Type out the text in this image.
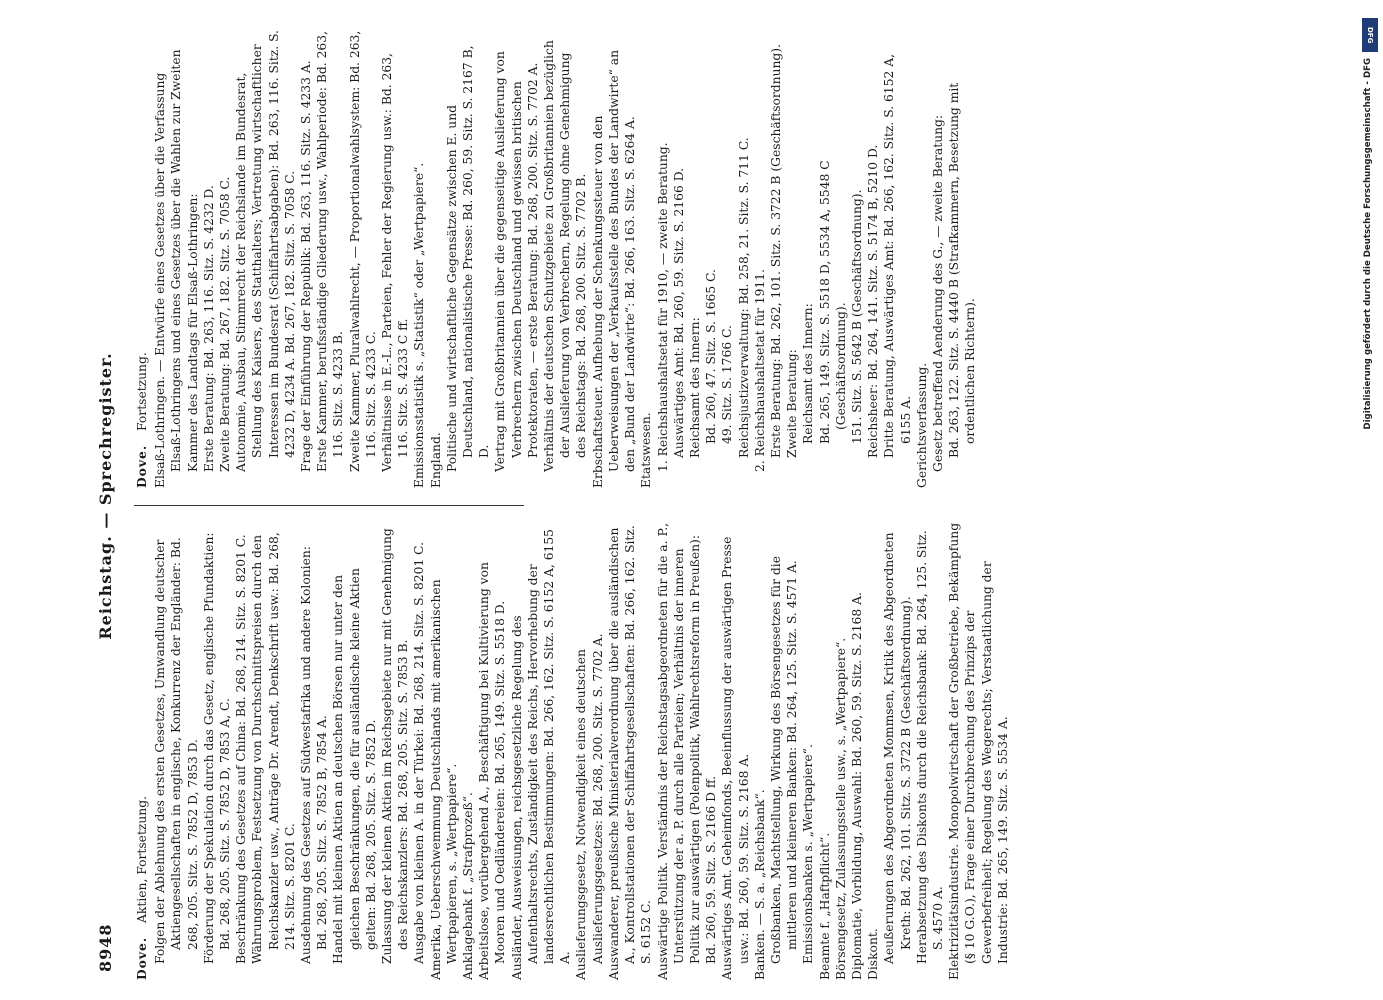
8948
Reichstag. — Sprechregister.
Dove. Aktien, Fortsetzung. Folgen der Ablehnung des ersten Gesetzes, Umwandlung deutscher Aktiengesellschaften in englische, Konkurrenz der Engländer: Bd. 268, 205. Sitz. S. 7852 D, 7853 D. Förderung der Spekulation durch das Gesetz, englische Pfundaktien: Bd. 268, 205. Sitz. S. 7852 D, 7853 A, C. Beschränkung des Gesetzes auf China: Bd. 268, 214. Sitz. S. 8201 C. Währungsproblem, Festsetzung von Durchschnittspreisen durch den Reichskanzler usw., Anträge Dr. Arendt, Denkschrift usw.: Bd. 268, 214. Sitz. S. 8201 C. Ausdehnung des Gesetzes auf Südwestafrika und andere Kolonien: Bd. 268, 205. Sitz. S. 7852 B, 7854 A. Handel mit kleinen Aktien an deutschen Börsen nur unter den gleichen Beschränkungen, die für ausländische kleine Aktien gelten: Bd. 268, 205. Sitz. S. 7852 D. Zulassung der kleinen Aktien im Reichsgebiete nur mit Genehmigung des Reichskanzlers: Bd. 268, 205. Sitz. S. 7853 B. Ausgabe von kleinen A. in der Türkei: Bd. 268, 214. Sitz. S. 8201 C. Amerika, Ueberschwemmung Deutschlands mit amerikanischen Wertpapieren, s. „Wertpapiere“. Anklagebank f. „Strafprozeß“. Arbeitslose, vorübergehend A., Beschäftigung bei Kultivierung von Mooren und Oedländereien: Bd. 265, 149. Sitz. S. 5518 D. Ausländer, Ausweisungen, reichsgesetzliche Regelung des Aufenthaltsrechts, Zuständigkeit des Reichs, Hervorhebung der landesrechtlichen Bestimmungen: Bd. 266, 162. Sitz. S. 6152 A, 6155 A. Auslieferungsgesetz, Notwendigkeit eines deutschen Auslieferungsgesetzes: Bd. 268, 200. Sitz. S. 7702 A. Auswanderer, preußische Ministerialverordnung über die ausländischen A., Kontrollstationen der Schiffahrtsgesellschaften: Bd. 266, 162. Sitz. S. 6152 C. Auswärtige Politik. Verständnis der Reichstagsabgeordneten für die a. P., Unterstützung der a. P. durch alle Parteien; Verhältnis der inneren Politik zur auswärtigen (Polenpolitik, Wahlrechtsreform in Preußen): Bd. 260, 59. Sitz. S. 2166 D ff. Auswärtiges Amt. Geheimfonds, Beeinflussung der auswärtigen Presse usw.: Bd. 260, 59. Sitz. S. 2168 A. Banken. — S. a. „Reichsbank“. Großbanken, Machtstellung, Wirkung des Börsengesetzes für die mittleren und kleineren Banken: Bd. 264, 125. Sitz. S. 4571 A. Emissionsbanken s. „Wertpapiere“. Beamte f. „Haftpflicht“. Börsengesetz, Zulassungsstelle usw., s. „Wertpapiere“. Diplomatie, Vorbildung, Auswahl: Bd. 260, 59. Sitz. S. 2168 A. Diskont. Aeußerungen des Abgeordneten Mommsen, Kritik des Abgeordneten Kreth: Bd. 262, 101. Sitz. S. 3722 B (Geschäftsordnung). Herabsetzung des Diskonts durch die Reichsbank: Bd. 264, 125. Sitz. S. 4570 A. Elektrizitätsindustrie. Monopolwirtschaft der Großbetriebe, Bekämpfung (§ 10 G.O.), Frage einer Durchbrechung des Prinzips der Gewerbefreiheit; Regelung des Wegerechts; Verstaatlichung der Industrie: Bd. 265, 149. Sitz. S. 5534 A.
Dove. Fortsetzung. Elsaß-Lothringen. — Entwürfe eines Gesetzes über die Verfassung Elsaß-Lothringens und eines Gesetzes über die Wahlen zur Zweiten Kammer des Landtags für Elsaß-Lothringen: Erste Beratung: Bd. 263, 116. Sitz. S. 4232 D. Zweite Beratung: Bd. 267, 182. Sitz. S. 7058 C. Autonomie, Ausbau, Stimmrecht der Reichslande im Bundesrat, Stellung des Kaisers, des Statthalters; Vertretung wirtschaftlicher Interessen im Bundesrat (Schiffahrtsabgaben): Bd. 263, 116. Sitz. S. 4232 D, 4234 A. Bd. 267, 182. Sitz. S. 7058 C. Frage der Einführung der Republik: Bd. 263, 116. Sitz. S. 4233 A. Erste Kammer, berufsständige Gliederung usw., Wahlperiode: Bd. 263, 116. Sitz. S. 4233 B. Zweite Kammer, Pluralwahlrecht, — Proportionalwahlsystem: Bd. 263, 116. Sitz. S. 4233 C. Verhältnisse in E.-L., Parteien, Fehler der Regierung usw.: Bd. 263, 116. Sitz. S. 4233 C ff. Emissionsstatistik s. „Statistik“ oder „Wertpapiere“. England. Politische und wirtschaftliche Gegensätze zwischen E. und Deutschland, nationalistische Presse: Bd. 260, 59. Sitz. S. 2167 B, D. Vertrag mit Großbritannien über die gegenseitige Auslieferung von Verbrechern zwischen Deutschland und gewissen britischen Protektoraten, — erste Beratung: Bd. 268, 200. Sitz. S. 7702 A. Verhältnis der deutschen Schutzgebiete zu Großbritannien bezüglich der Auslieferung von Verbrechern, Regelung ohne Genehmigung des Reichstags: Bd. 268, 200. Sitz. S. 7702 B. Erbschaftsteuer. Aufhebung der Schenkungssteuer von den Ueberweisungen der „Verkaufsstelle des Bundes der Landwirte“ an den „Bund der Landwirte“: Bd. 266, 163. Sitz. S. 6264 A. Etatswesen. 1. Reichshaushaltsetat für 1910, — zweite Beratung. Auswärtiges Amt: Bd. 260, 59. Sitz. S. 2166 D. Reichsamt des Innern: Bd. 260, 47. Sitz. S. 1665 C. 49. Sitz. S. 1766 C. Reichsjustizverwaltung: Bd. 258, 21. Sitz. S. 711 C. 2. Reichshaushaltsetat für 1911. Erste Beratung: Bd. 262, 101. Sitz. S. 3722 B (Geschäftsordnung). Zweite Beratung: Reichsamt des Innern: Bd. 265, 149. Sitz. S. 5518 D, 5534 A, 5548 C (Geschäftsordnung). 151. Sitz. S. 5642 B (Geschäftsordnung). Reichsheer: Bd. 264, 141. Sitz. S. 5174 B, 5210 D. Dritte Beratung, Auswärtiges Amt: Bd. 266, 162. Sitz. S. 6152 A, 6155 A. Gerichtsverfassung. Gesetz betreffend Aenderung des G., — zweite Beratung: Bd. 263, 122. Sitz. S. 4440 B (Strafkammern, Besetzung mit ordentlichen Richtern).
DFG
Digitalisierung gefördert durch die Deutsche Forschungsgemeinschaft - DFG
